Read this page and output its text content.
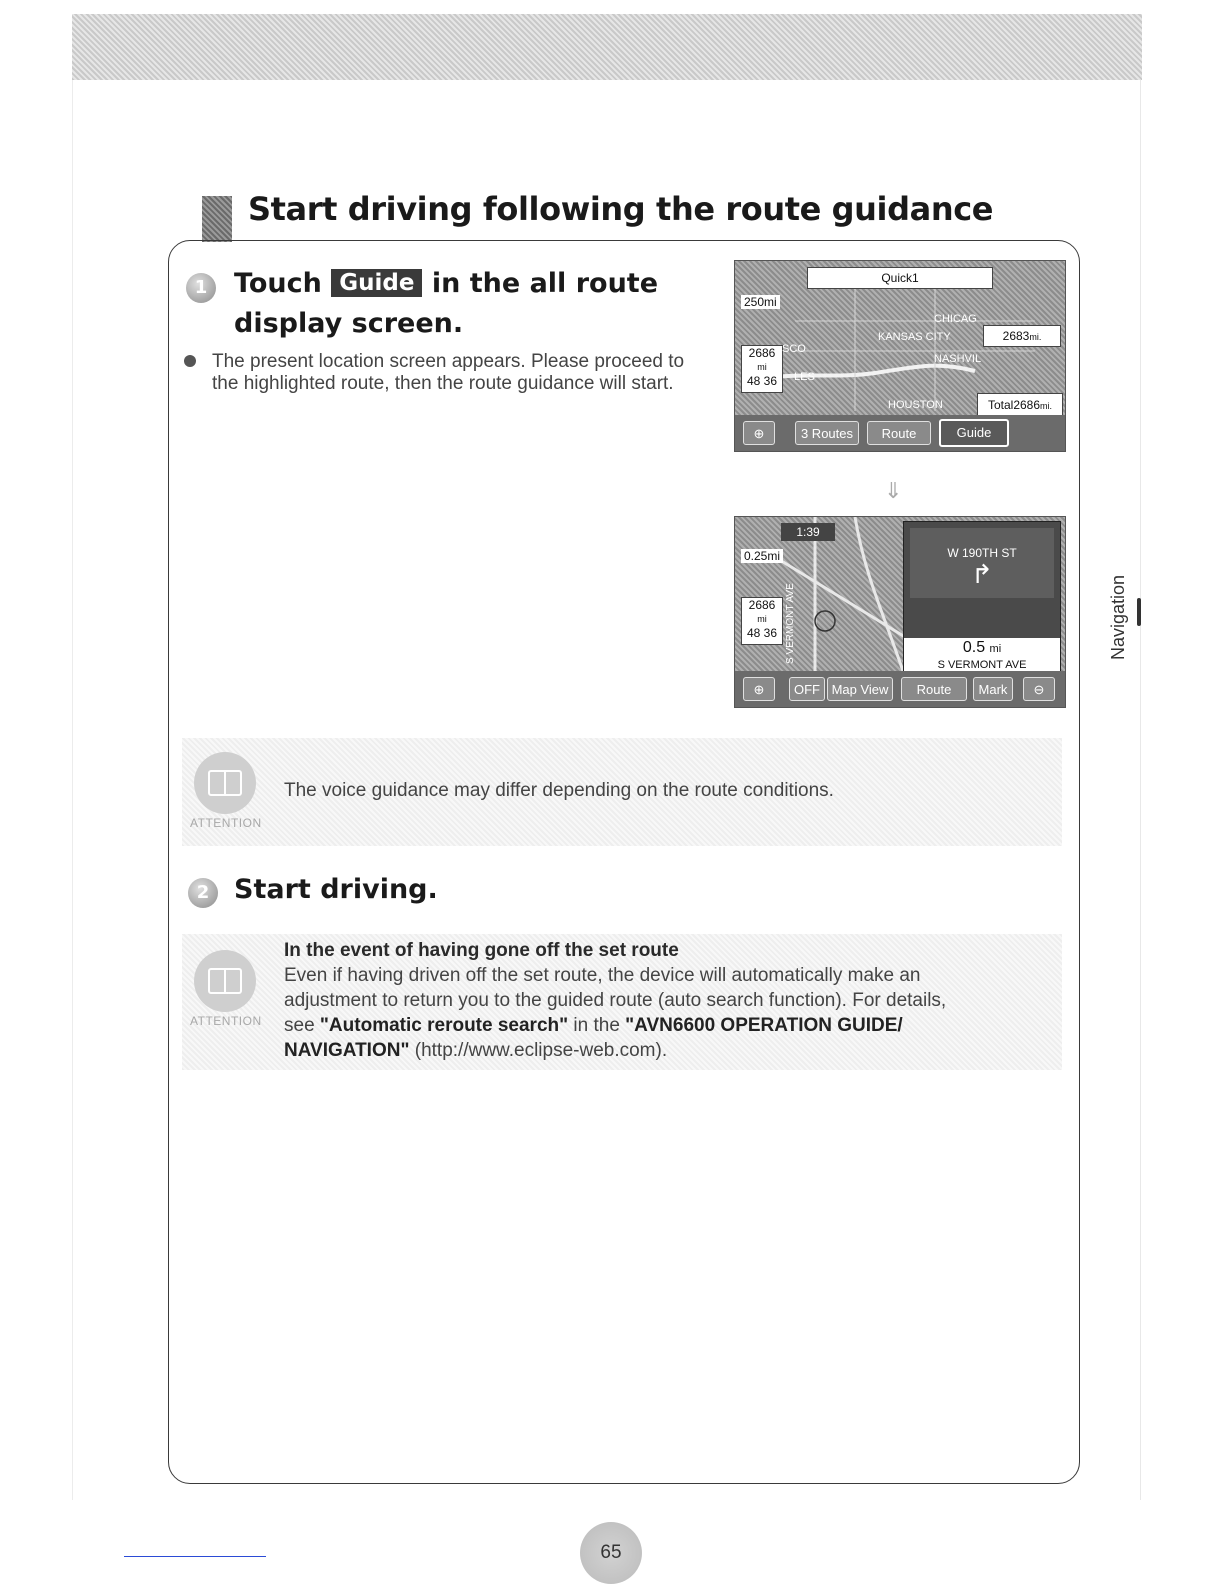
Start driving following the route guidance
1 Touch Guide in the all route
display screen.
The present location screen appears. Please proceed to the highlighted route, then the route guidance will start.
Quick1
250mi
2686
mi
48 36
CHICAG
KANSAS CITY
NASHVIL
HOUSTON
SCO
LES
2683mi.
Total2686mi.
⊕	3 Routes	Route	Guide
⇓
1:39
0.25mi
2686
mi
48 36 S VERMONT AVE
W 190TH ST
↱
0.5 mi
S VERMONT AVE
⊕	OFF Map View	Route	Mark	⊖
Navigation
ATTENTION
The voice guidance may differ depending on the route conditions.
2 Start driving.
ATTENTION
In the event of having gone off the set route
Even if having driven off the set route, the device will automatically make an
adjustment to return you to the guided route (auto search function). For details,
see "Automatic reroute search" in the "AVN6600 OPERATION GUIDE/
NAVIGATION" (http://www.eclipse-web.com).
65
